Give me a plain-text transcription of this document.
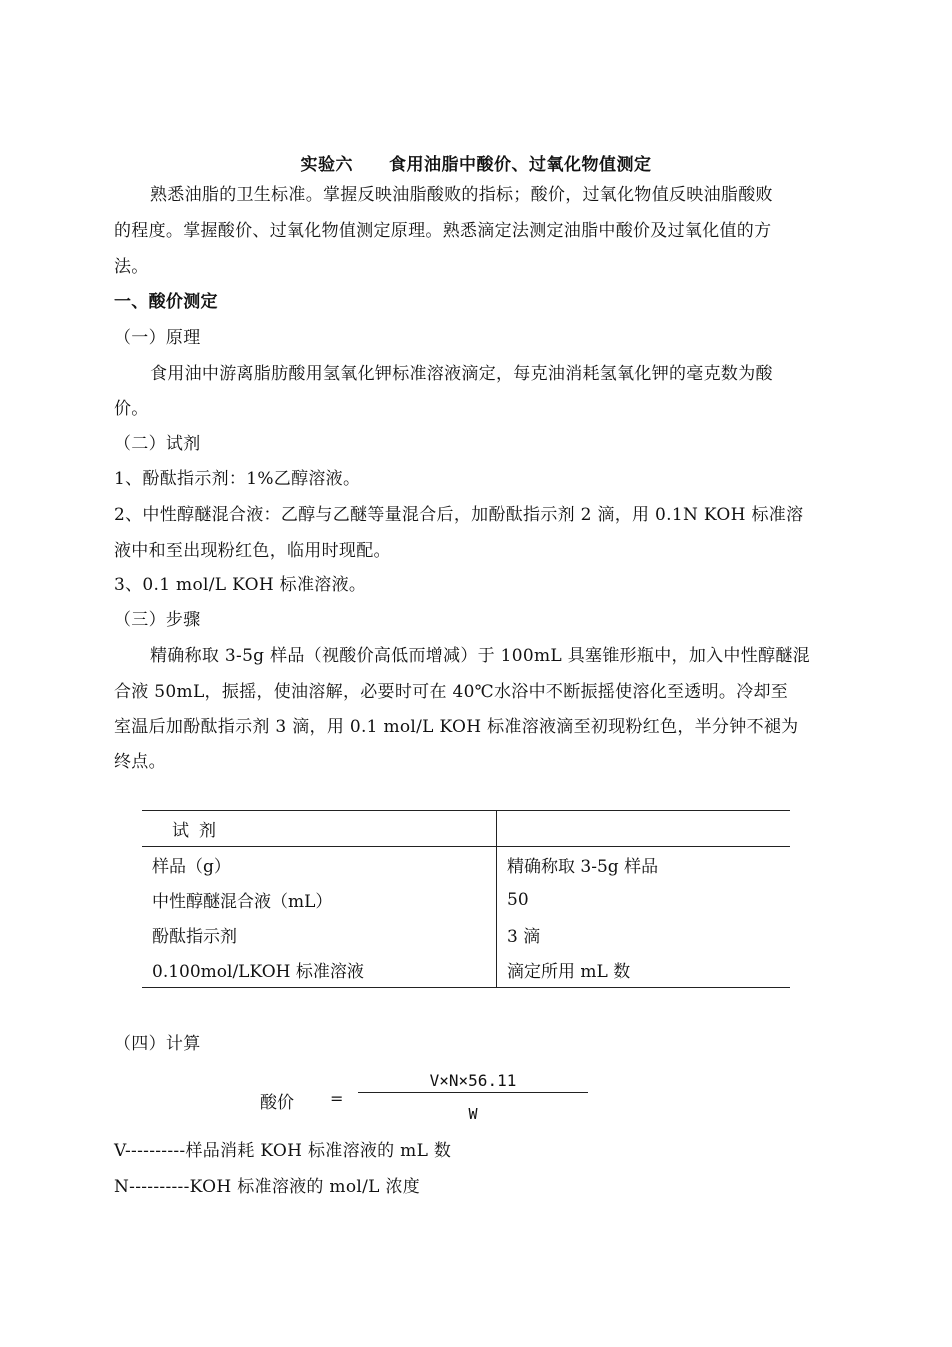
实验六 食用油脂中酸价、过氧化物值测定
熟悉油脂的卫生标准。掌握反映油脂酸败的指标；酸价，过氧化物值反映油脂酸败
的程度。掌握酸价、过氧化物值测定原理。熟悉滴定法测定油脂中酸价及过氧化值的方
法。
一、酸价测定
（一）原理
食用油中游离脂肪酸用氢氧化钾标准溶液滴定，每克油消耗氢氧化钾的毫克数为酸
价。
（二）试剂
1、酚酞指示剂：1%乙醇溶液。
2、中性醇醚混合液：乙醇与乙醚等量混合后，加酚酞指示剂 2 滴，用 0.1N KOH 标准溶
液中和至出现粉红色，临用时现配。
3、0.1 mol/L KOH 标准溶液。
（三）步骤
精确称取 3-5g 样品（视酸价高低而增减）于 100mL 具塞锥形瓶中，加入中性醇醚混
合液 50mL，振摇，使油溶解，必要时可在 40℃水浴中不断振摇使溶化至透明。冷却至
室温后加酚酞指示剂 3 滴，用 0.1 mol/L KOH 标准溶液滴至初现粉红色，半分钟不褪为
终点。
试剂	
样品（g）	精确称取 3-5g 样品
中性醇醚混合液（mL）	50
酚酞指示剂	3 滴
0.100mol/LKOH 标准溶液	滴定所用 mL 数
（四）计算
酸价 =
V×N×56.11
W
V----------样品消耗 KOH 标准溶液的 mL 数
N----------KOH 标准溶液的 mol/L 浓度
